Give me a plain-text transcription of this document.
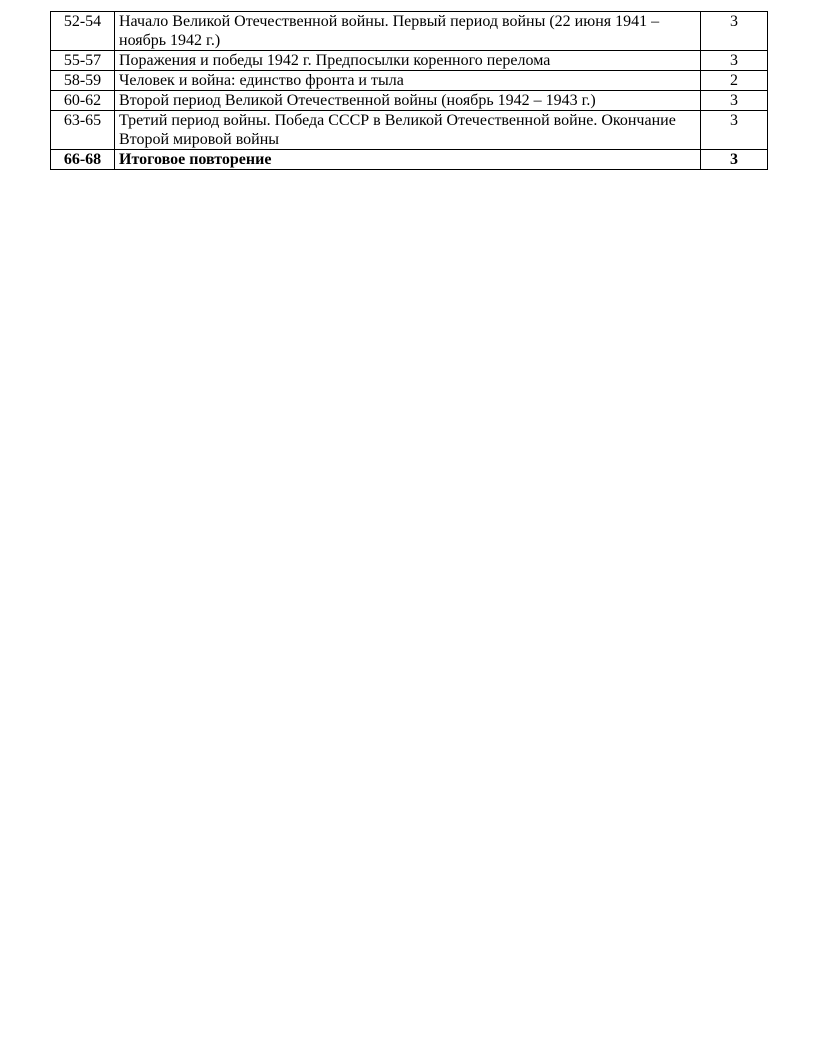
52-54	Начало Великой Отечественной войны. Первый период войны (22 июня 1941 – ноябрь 1942 г.)	3
55-57	Поражения и победы 1942 г. Предпосылки коренного перелома	3
58-59	Человек и война: единство фронта и тыла	2
60-62	Второй период Великой Отечественной войны (ноябрь 1942 – 1943 г.)	3
63-65	Третий период войны. Победа СССР в Великой Отечественной войне. Окончание Второй мировой войны	3
66-68	Итоговое повторение	3
